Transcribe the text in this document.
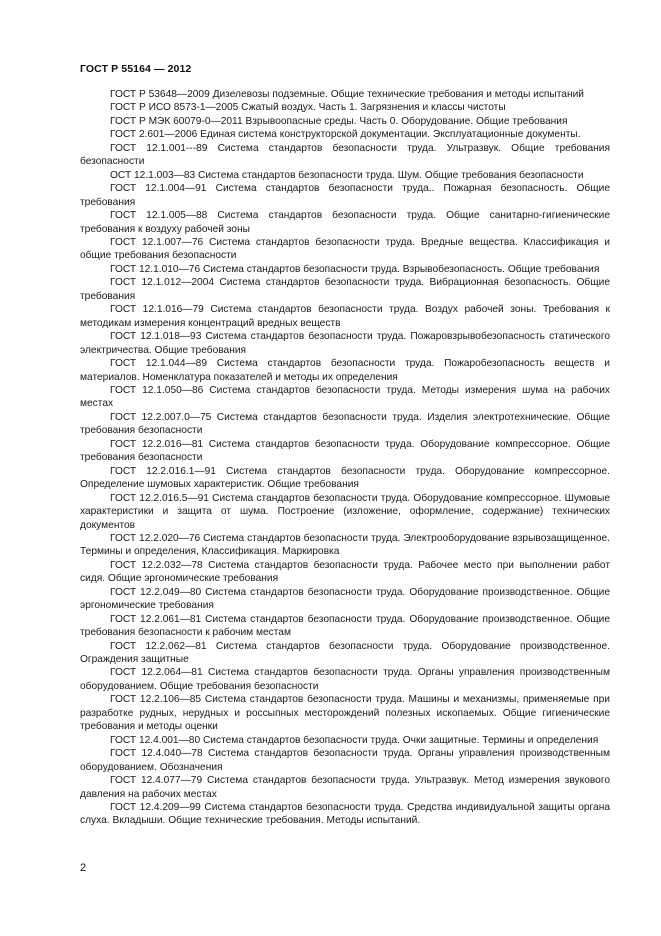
ГОСТ Р 55164 — 2012

ГОСТ Р 53648—2009 Дизелевозы подземные. Общие технические требования и методы испытаний

ГОСТ Р ИСО 8573-1—2005 Сжатый воздух. Часть 1. Загрязнения и классы чистоты

ГОСТ Р МЭК 60079-0—2011 Взрывоопасные среды. Часть 0. Оборудование. Общие требования

ГОСТ 2.601—2006 Единая система конструкторской документации. Эксплуатационные документы.

ГОСТ 12.1.001---89 Система стандартов безопасности труда. Ультразвук. Общие требования безопасности

ОСТ 12.1.003—83 Система стандартов безопасности труда. Шум. Общие требования безопасности

ГОСТ 12.1.004—91 Система стандартов безопасности труда.. Пожарная безопасность. Общие требования

ГОСТ 12.1.005—88 Система стандартов безопасности труда. Общие санитарно-гигиенические требования к воздуху рабочей зоны

ГОСТ 12.1.007—76 Система стандартов безопасности труда. Вредные вещества. Классификация и общие требования безопасности

ГОСТ 12.1.010—76 Система стандартов безопасности труда. Взрывобезопасность. Общие требования

ГОСТ 12.1.012—2004 Система стандартов безопасности труда. Вибрационная безопасность. Общие требования

ГОСТ 12.1.016—79 Система стандартов безопасности труда. Воздух рабочей зоны. Требования к методикам измерения концентраций вредных веществ

ГОСТ 12.1.018—93 Система стандартов безопасности труда. Пожаровзрывобезопасность статического электричества. Общие требования

ГОСТ 12.1.044—89 Система стандартов безопасности труда. Пожаробезопасность веществ и материалов. Номенклатура показателей и методы их определения

ГОСТ 12.1.050—86 Система стандартов безопасности труда. Методы измерения шума на рабочих местах

ГОСТ 12.2.007.0—75 Система стандартов безопасности труда. Изделия электротехнические. Общие требования безопасности

ГОСТ 12.2.016—81 Система стандартов безопасности труда. Оборудование компрессорное. Общие требования безопасности

ГОСТ 12.2.016.1—91 Система стандартов безопасности труда. Оборудование компрессорное. Определение шумовых характеристик. Общие требования

ГОСТ 12.2.016.5—91 Система стандартов безопасности труда. Оборудование компрессорное. Шумовые характеристики и защита от шума. Построение (изложение, оформление, содержание) технических документов

ГОСТ 12.2.020—76 Система стандартов безопасности труда. Электрооборудование взрывозащищенное. Термины и определения, Классификация. Маркировка

ГОСТ 12.2.032—78 Система стандартов безопасности труда. Рабочее место при выполнении работ сидя. Общие эргономические требования

ГОСТ 12.2.049—80 Система стандартов безопасности труда. Оборудование производственное. Общие эргономические требования

ГОСТ 12.2.061—81 Система стандартов безопасности труда. Оборудование производственное. Общие требования безопасности к рабочим местам

ГОСТ 12.2.062—81 Система стандартов безопасности труда. Оборудование производственное. Ограждения защитные

ГОСТ 12.2.064—81 Система стандартов безопасности труда. Органы управления производственным оборудованием. Общие требования безопасности

ГОСТ 12.2.106—85 Система стандартов безопасности труда. Машины и механизмы, применяемые при разработке рудных, нерудных и россыпных месторождений полезных ископаемых. Общие гигиенические требования и методы оценки

ГОСТ 12.4.001—80 Система стандартов безопасности труда. Очки защитные. Термины и определения

ГОСТ 12.4.040—78 Система стандартов безопасности труда. Органы управления производственным оборудованием. Обозначения

ГОСТ 12.4.077—79 Система стандартов безопасности труда. Ультразвук. Метод измерения звукового давления на рабочих местах

ГОСТ 12.4.209—99 Система стандартов безопасности труда. Средства индивидуальной защиты органа слуха. Вкладыши. Общие технические требования. Методы испытаний.

2
